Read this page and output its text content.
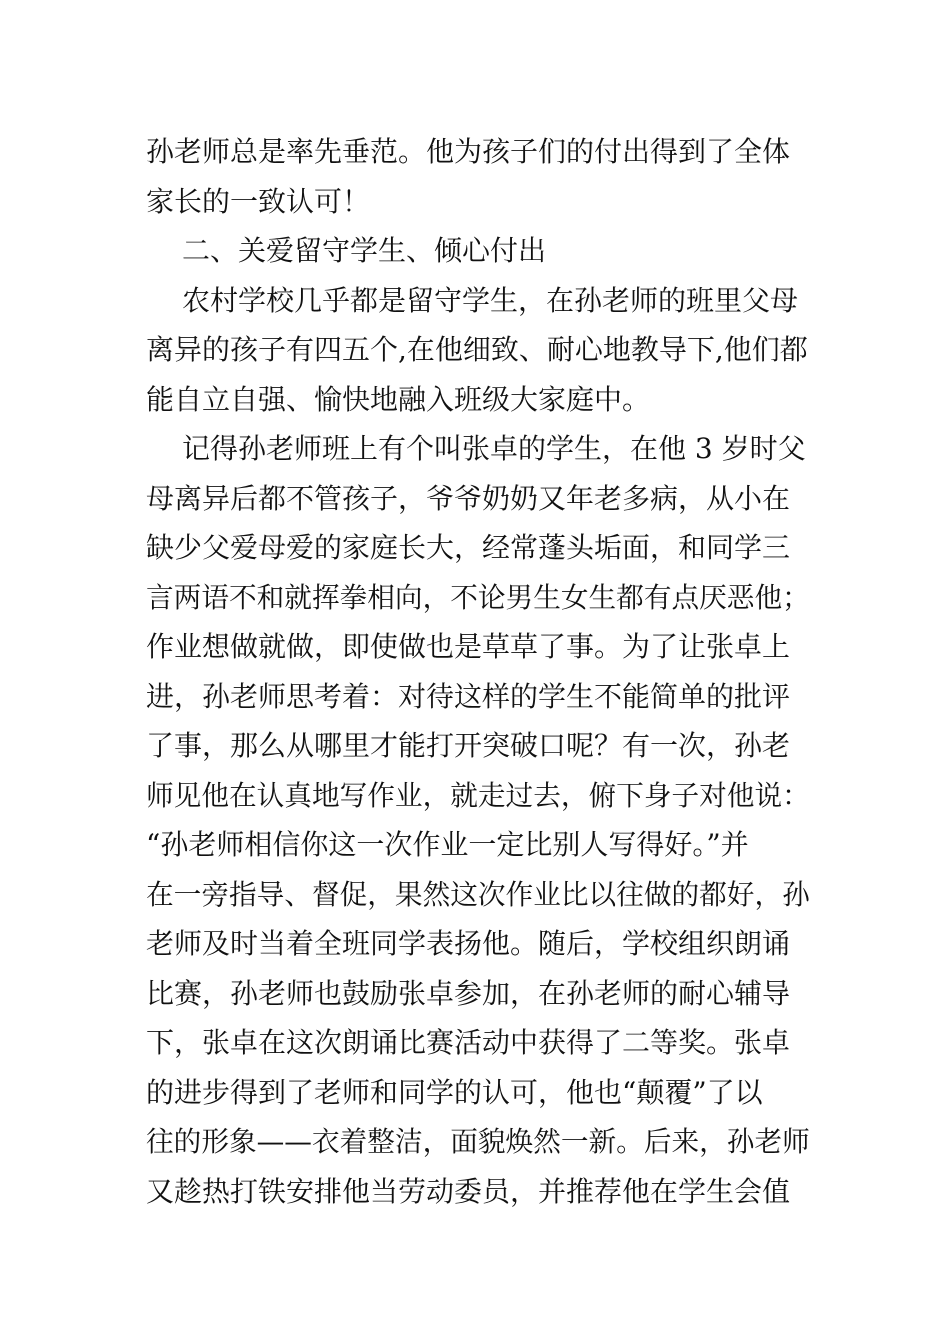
孙老师总是率先垂范。他为孩子们的付出得到了全体
家长的一致认可！
二、关爱留守学生、倾心付出
农村学校几乎都是留守学生，在孙老师的班里父母
离异的孩子有四五个,在他细致、耐心地教导下,他们都
能自立自强、愉快地融入班级大家庭中。
记得孙老师班上有个叫张卓的学生，在他 3 岁时父
母离异后都不管孩子，爷爷奶奶又年老多病，从小在
缺少父爱母爱的家庭长大，经常蓬头垢面，和同学三
言两语不和就挥拳相向，不论男生女生都有点厌恶他；
作业想做就做，即使做也是草草了事。为了让张卓上
进，孙老师思考着：对待这样的学生不能简单的批评
了事，那么从哪里才能打开突破口呢？有一次，孙老
师见他在认真地写作业，就走过去，俯下身子对他说：
“孙老师相信你这一次作业一定比别人写得好。”并
在一旁指导、督促，果然这次作业比以往做的都好，孙
老师及时当着全班同学表扬他。随后，学校组织朗诵
比赛，孙老师也鼓励张卓参加，在孙老师的耐心辅导
下，张卓在这次朗诵比赛活动中获得了二等奖。张卓
的进步得到了老师和同学的认可，他也“颠覆”了以
往的形象——衣着整洁，面貌焕然一新。后来，孙老师
又趁热打铁安排他当劳动委员，并推荐他在学生会值
